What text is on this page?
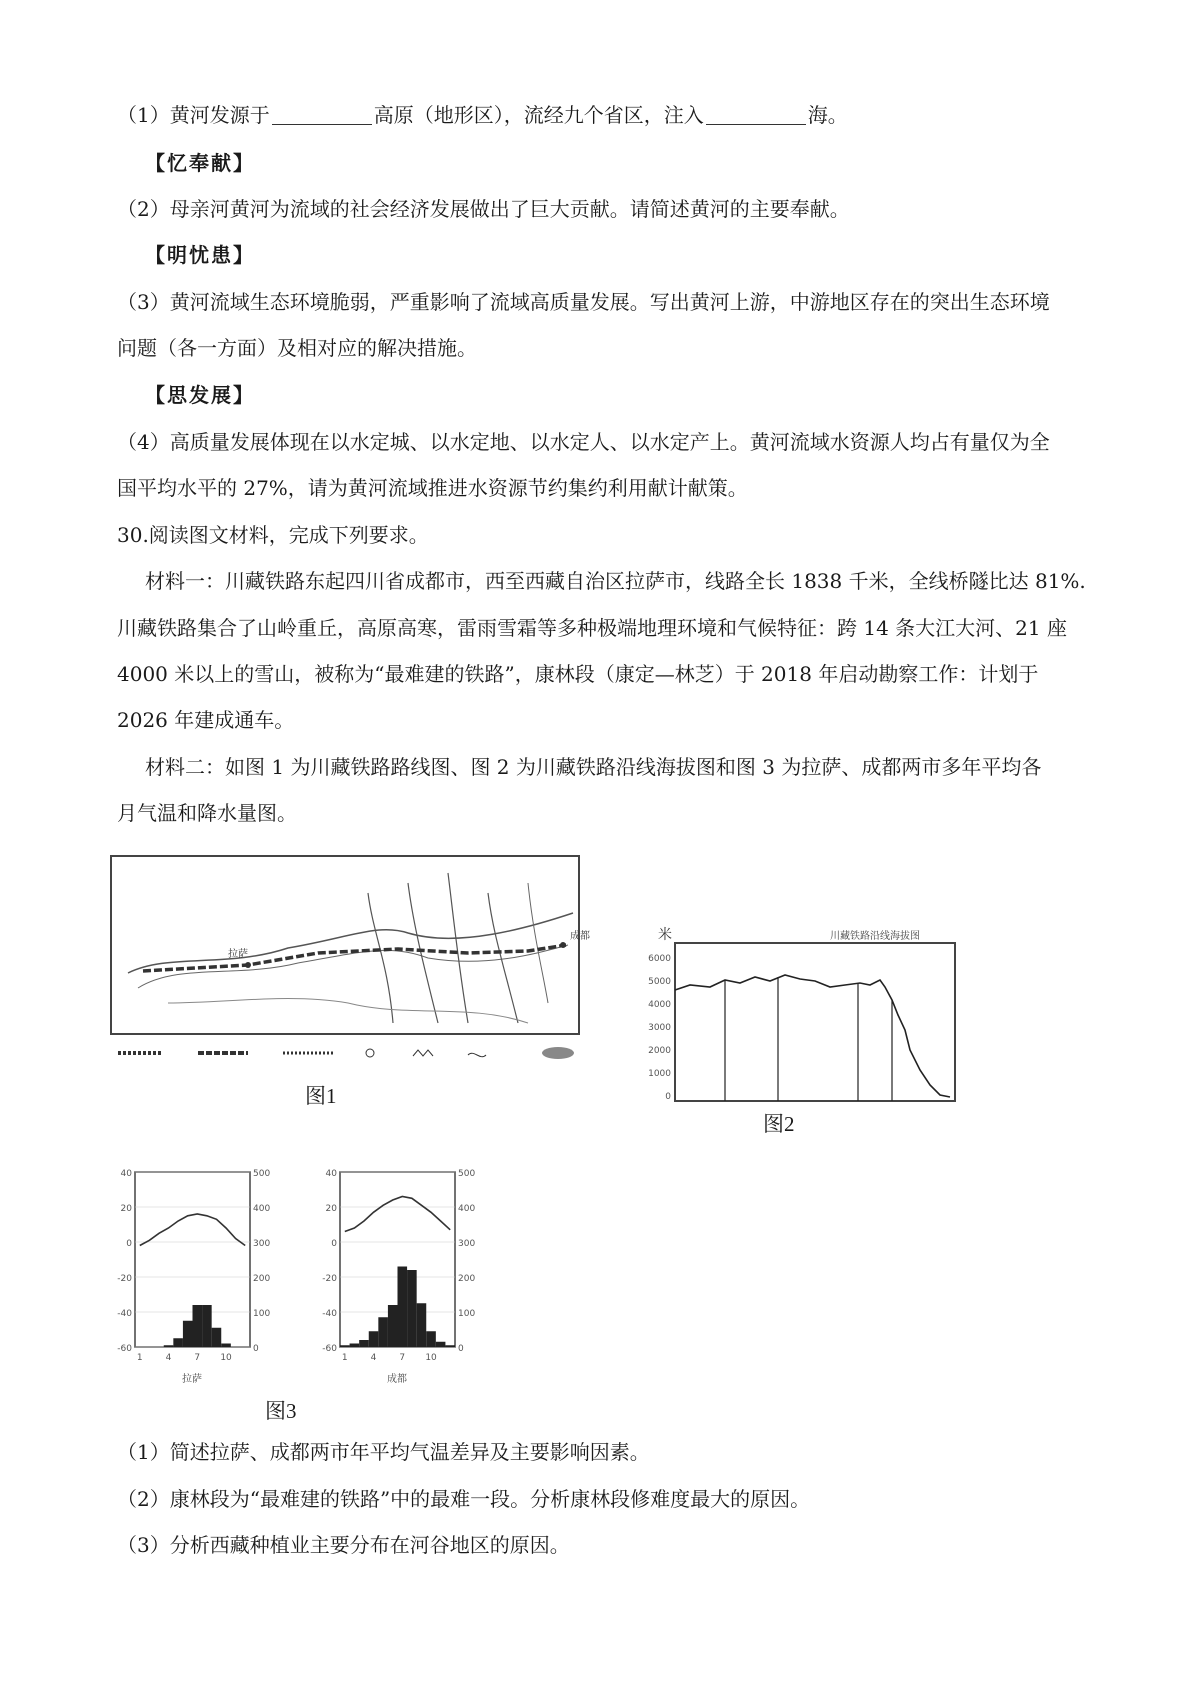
（1）黄河发源于	高原（地形区），流经九个省区，注入	海。
【忆奉献】
（2）母亲河黄河为流域的社会经济发展做出了巨大贡献。请简述黄河的主要奉献。
【明忧患】
（3）黄河流域生态环境脆弱，严重影响了流域高质量发展。写出黄河上游，中游地区存在的突出生态环境
问题（各一方面）及相对应的解决措施。
【思发展】
（4）高质量发展体现在以水定城、以水定地、以水定人、以水定产上。黄河流域水资源人均占有量仅为全
国平均水平的 27%，请为黄河流域推进水资源节约集约利用献计献策。
30.阅读图文材料，完成下列要求。
材料一：川藏铁路东起四川省成都市，西至西藏自治区拉萨市，线路全长 1838 千米，全线桥隧比达 81%.
川藏铁路集合了山岭重丘，高原高寒，雷雨雪霜等多种极端地理环境和气候特征：跨 14 条大江大河、21 座
4000 米以上的雪山，被称为“最难建的铁路”，康林段（康定—林芝）于 2018 年启动勘察工作：计划于
2026 年建成通车。
材料二：如图 1 为川藏铁路路线图、图 2 为川藏铁路沿线海拔图和图 3 为拉萨、成都两市多年平均各
月气温和降水量图。
拉萨
成都
图1
米	川藏铁路沿线海拔图
6000
5000
4000
3000
2000
1000
0
图2
40	500
20	400
0	300
-20	200
-40	100
-60	0
1	4	7 10
拉萨
40	500
20	400
0	300
-20	200
-40	100
-60	0
1	4	7 10
成都
图3
（1）简述拉萨、成都两市年平均气温差异及主要影响因素。
（2）康林段为“最难建的铁路”中的最难一段。分析康林段修难度最大的原因。
（3）分析西藏种植业主要分布在河谷地区的原因。
